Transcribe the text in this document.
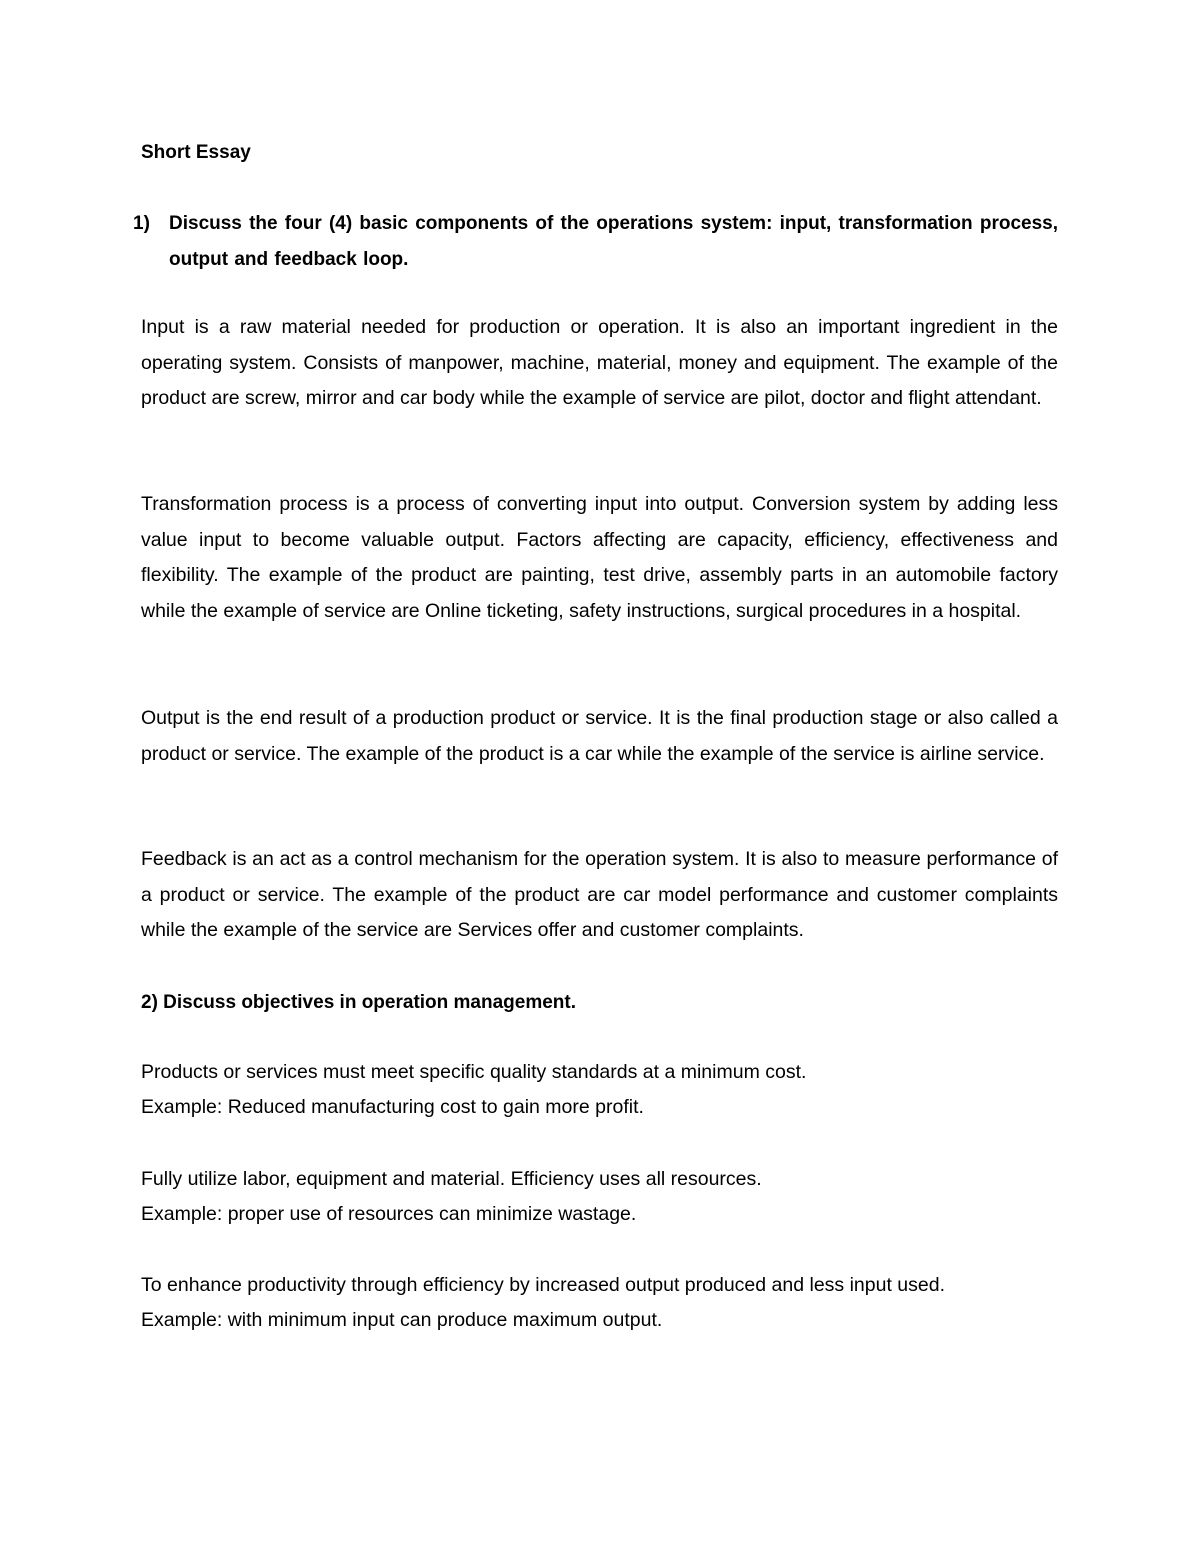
Short Essay
1) Discuss the four (4) basic components of the operations system: input, transformation process, output and feedback loop.
Input is a raw material needed for production or operation. It is also an important ingredient in the operating system. Consists of manpower, machine, material, money and equipment. The example of the product are screw, mirror and car body while the example of service are pilot, doctor and flight attendant.
Transformation process is a process of converting input into output. Conversion system by adding less value input to become valuable output. Factors affecting are capacity, efficiency, effectiveness and flexibility. The example of the product are painting, test drive, assembly parts in an automobile factory while the example of service are Online ticketing, safety instructions, surgical procedures in a hospital.
Output is the end result of a production product or service. It is the final production stage or also called a product or service. The example of the product is a car while the example of the service is airline service.
Feedback is an act as a control mechanism for the operation system. It is also to measure performance of a product or service. The example of the product are car model performance and customer complaints while the example of the service are Services offer and customer complaints.
2) Discuss objectives in operation management.
Products or services must meet specific quality standards at a minimum cost.
Example: Reduced manufacturing cost to gain more profit.
Fully utilize labor, equipment and material. Efficiency uses all resources.
Example: proper use of resources can minimize wastage.
To enhance productivity through efficiency by increased output produced and less input used.
Example: with minimum input can produce maximum output.
